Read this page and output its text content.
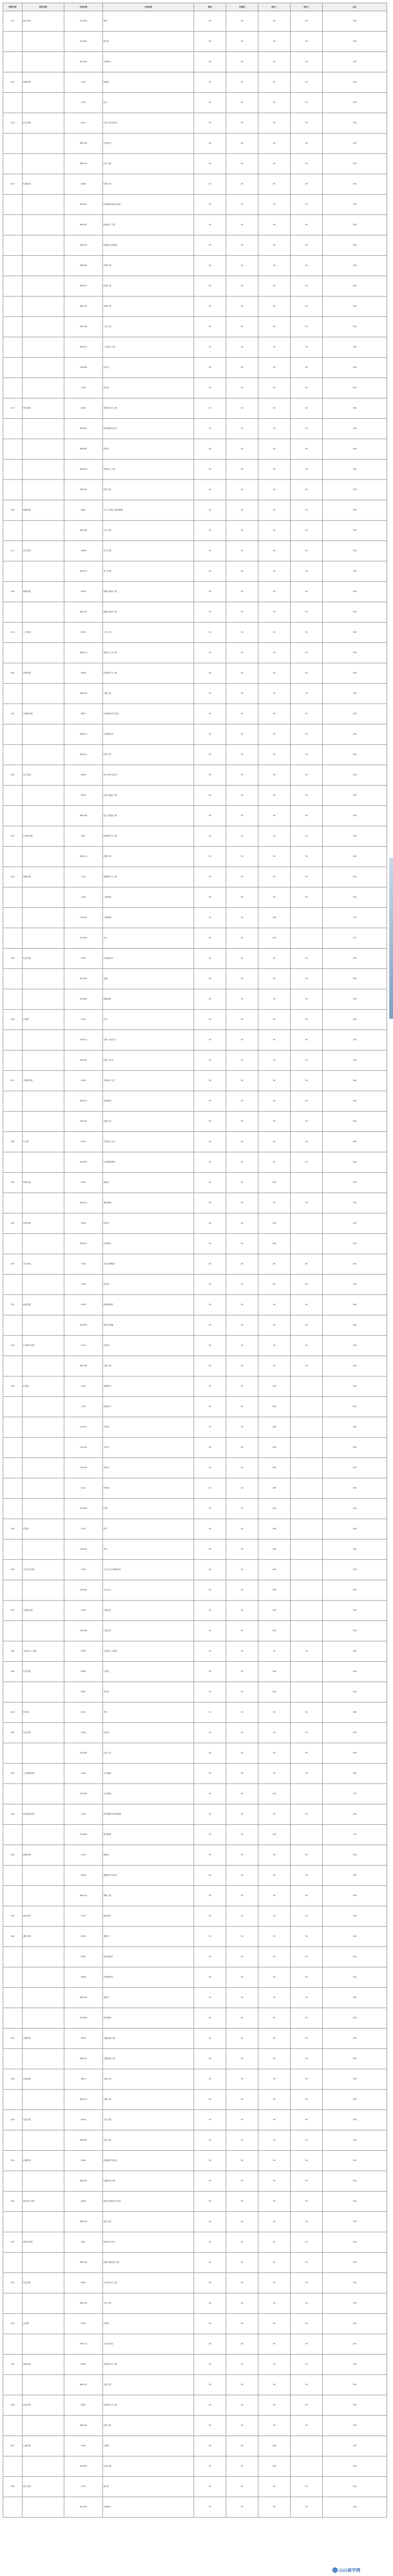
院系代码	院系名称	专业代码	专业名称	政治	外国语	业务一	业务二	总分
011	数学学院	070100	数学	50	50	90	90	330
		071400	统计学	50	50	90	90	330
		025200	应用统计	50	50	90	90	330
012	物理学院	0702	物理学	50	50	90	90	330
		0703	化学	50	50	90	90	330
013	化学学院	0817	化学工程与技术	50	50	90	90	330
		081704	应用化学	50	50	90	90	330
		085216	化学工程	50	50	90	90	330
014	机械学院	0802	机械工程	50	50	90	90	330
		080201	机械制造及其自动化	50	50	90	90	330
		080202	机械电子工程	50	50	90	90	330
		080203	机械设计及理论	50	50	90	90	330
		080204	车辆工程	50	50	90	90	330
		085201	机械工程	50	50	90	90	330
		085234	车辆工程	50	50	90	90	330
		085236	工业工程	50	50	90	90	330
		085237	工业设计工程	50	50	90	90	330
		130500	设计学	50	50	90	90	330
		1305	设计学	40	40	60	60	340
015	材料学院	0805	材料科学与工程	50	50	90	90	330
		080501	材料物理与化学	50	50	90	90	330
		080502	材料学	50	50	90	90	330
		080503	材料加工工程	50	50	90	90	330
		085204	材料工程	50	50	90	90	330
016	能源学院	0807	动力工程及工程热物理	50	50	90	90	330
		085206	动力工程	50	50	90	90	330
017	电气学院	0808	电气工程	50	50	90	90	330
		085207	电气工程	50	50	90	90	330
018	船舶学院	0824	船舶与海洋工程	50	50	90	90	330
		085223	船舶与海洋工程	50	50	90	90	330
019	土木学院	0814	土木工程	50	50	90	90	330
		085213	建筑与土木工程	50	50	90	90	330
020	环境学院	0830	环境科学与工程	50	50	90	90	330
		085229	环境工程	50	50	90	90	330
021	计算机学院	0812	计算机科学与技术	50	50	90	90	330
		085211	计算机技术	50	50	90	90	330
		085212	软件工程	50	50	90	90	330
022	电子学院	0809	电子科学与技术	50	50	90	90	330
		0810	信息与通信工程	50	50	90	90	330
		085208	电子与通信工程	50	50	90	90	330
023	自动化学院	0811	控制科学与工程	50	50	90	90	330
		085210	控制工程	50	50	90	90	330
024	管理学院	1201	管理科学与工程	50	50	90	90	350
		1202	工商管理	50	50	90	90	350
		125100	工商管理	50	50	100		170
		125300	会计	50	50	100		170
025	经济学院	0202	应用经济学	50	50	90	90	350
		025100	金融	50	50	90	90	350
		025400	国际商务	50	50	90	90	350
026	法学院	0301	法学	50	50	90	90	330
		035101	法律（非法学）	50	50	90	90	330
		035102	法律（法学）	50	50	90	90	330
027	外国语学院	0502	外国语言文学	55	55	90	90	360
		055101	英语笔译	55	55	90	90	360
		055102	英语口译	55	55	90	90	360
028	中文系	0501	中国语言文学	55	55	90	90	360
		045300	汉语国际教育	55	55	90	90	360
029	教育学院	0401	教育学	50	50	180		330
		045101	教育管理	50	50	90	90	330
030	体育学院	0403	体育学	50	50	180		320
		045201	体育教学	50	50	180		320
031	艺术学院	1302	音乐与舞蹈学	40	40	60	60	340
		1304	美术学	40	40	60	60	340
032	新闻学院	0503	新闻传播学	55	55	90	90	360
		055200	新闻与传播	55	55	90	90	360
033	生命科学学院	0710	生物学	50	50	90	90	330
		085238	生物工程	50	50	90	90	330
034	医学院	1001	基础医学	50	50	180		300
		1002	临床医学	50	50	180		300
		105101	内科学	50	50	180		300
		105102	儿科学	50	50	180		300
		105109	外科学	50	50	180		300
		1011	护理学	50	50	180		300
		105400	护理	50	50	180		300
035	药学院	1007	药学	50	50	180		300
		105500	药学	50	50	180		300
036	公共卫生学院	1004	公共卫生与预防医学	50	50	180		300
		105300	公共卫生	50	50	180		300
037	口腔医学院	1003	口腔医学	50	50	180		300
		105200	口腔医学	50	50	180		300
038	马克思主义学院	0305	马克思主义理论	55	55	90	90	360
039	历史学院	0602	中国史	50	50	180		330
		0601	考古学	50	50	180		330
040	哲学系	0101	哲学	55	55	90	90	360
041	社会学系	0303	社会学	50	50	90	90	330
		035200	社会工作	50	50	90	90	330
042	公共管理学院	1204	公共管理	50	50	90	90	350
		125200	公共管理	50	50	100		170
043	信息管理学院	1205	图书情报与档案管理	50	50	90	90	350
		125500	图书情报	50	50	100		170
044	地理学院	0705	地理学	50	50	90	90	330
		0816	测绘科学与技术	50	50	90	90	330
		085215	测绘工程	50	50	90	90	330
045	海洋学院	0707	海洋科学	50	50	90	90	330
046	建筑学院	0813	建筑学	50	50	90	90	330
		0833	城乡规划学	50	50	90	90	330
		0834	风景园林学	50	50	90	90	330
		085100	建筑学	50	50	90	90	330
		095300	风景园林	50	50	90	90	330
047	交通学院	0823	交通运输工程	50	50	90	90	330
		085222	交通运输工程	50	50	90	90	330
048	水利学院	0815	水利工程	50	50	90	90	330
		085214	水利工程	50	50	90	90	330
049	光电学院	0803	光学工程	50	50	90	90	330
		085202	光学工程	50	50	90	90	330
050	仪器学院	0804	仪器科学与技术	50	50	90	90	330
		085203	仪器仪表工程	50	50	90	90	330
051	航空航天学院	0825	航空宇航科学与技术	50	50	90	90	330
		085226	航空工程	50	50	90	90	330
052	核科学学院	0827	核科学与技术	50	50	90	90	330
		085226	核能与核技术工程	50	50	90	90	330
053	安全学院	0837	安全科学与工程	50	50	90	90	330
		085224	安全工程	50	50	90	90	330
054	农学院	0901	作物学	50	50	90	90	320
		095131	农艺与种业	50	50	90	90	320
055	食品学院	0832	食品科学与工程	50	50	90	90	330
		085231	食品工程	50	50	90	90	330
056	纺织学院	0821	纺织科学与工程	50	50	90	90	330
		085220	纺织工程	50	50	90	90	330
057	心理学院	0402	心理学	50	50	180		330
		045400	应用心理	50	50	180		330
058	统计学院	0714	统计学	50	50	90	90	330
		025200	应用统计	50	50	90	90	330
山 山山留学网
